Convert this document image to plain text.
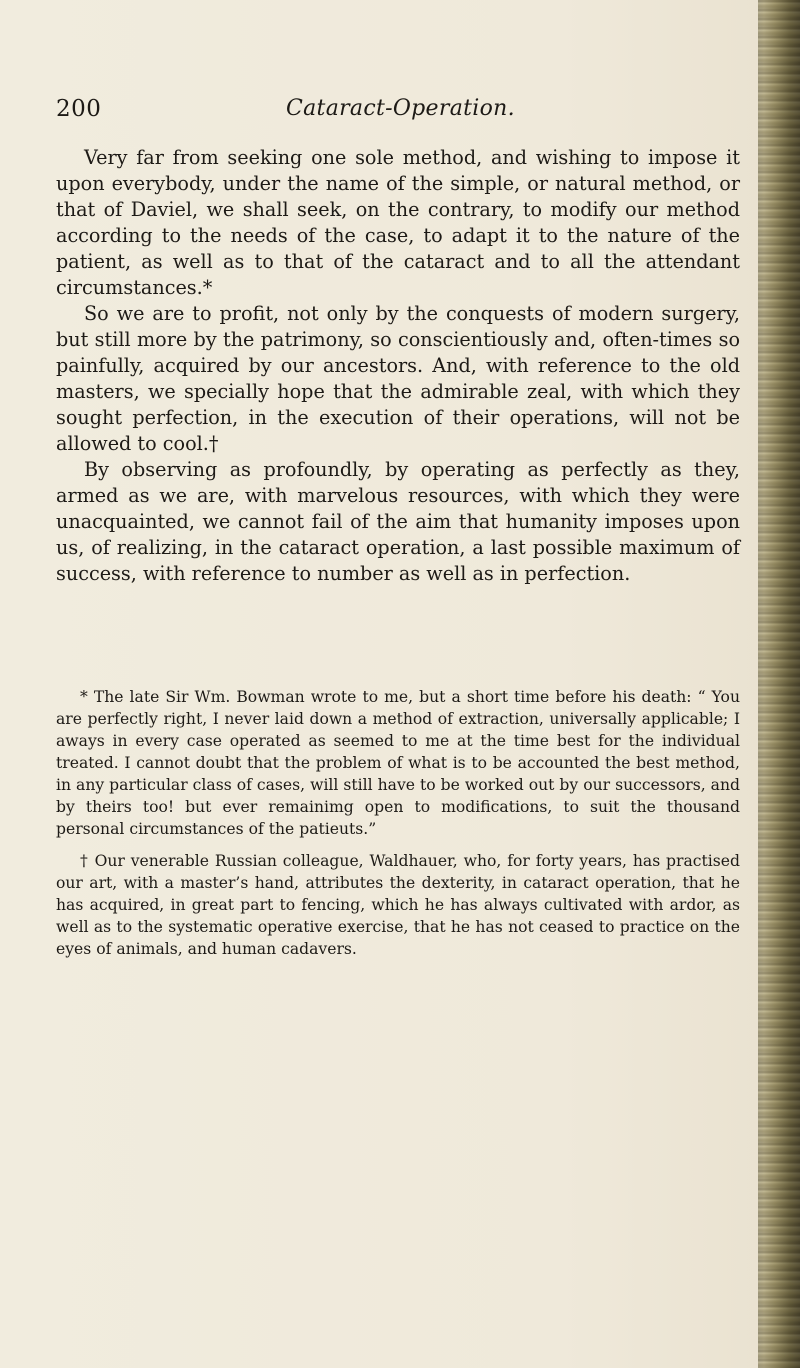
200	Cataract-Operation.

Very far from seeking one sole method, and wishing to impose it upon everybody, under the name of the simple, or natural method, or that of Daviel, we shall seek, on the contrary, to modify our method according to the needs of the case, to adapt it to the nature of the patient, as well as to that of the cataract and to all the attendant circumstances.*

So we are to profit, not only by the conquests of modern surgery, but still more by the patrimony, so conscientiously and, often-times so painfully, acquired by our ancestors. And, with reference to the old masters, we specially hope that the admirable zeal, with which they sought perfection, in the execution of their operations, will not be allowed to cool.†

By observing as profoundly, by operating as perfectly as they, armed as we are, with marvelous resources, with which they were unacquainted, we cannot fail of the aim that humanity imposes upon us, of realizing, in the cataract operation, a last possible maximum of success, with reference to number as well as in perfection.

* The late Sir Wm. Bowman wrote to me, but a short time before his death: “ You are perfectly right, I never laid down a method of extraction, universally applicable; I aways in every case operated as seemed to me at the time best for the individual treated. I cannot doubt that the problem of what is to be accounted the best method, in any particular class of cases, will still have to be worked out by our successors, and by theirs too! but ever remainimg open to modifications, to suit the thousand personal circumstances of the patieuts.”

† Our venerable Russian colleague, Waldhauer, who, for forty years, has practised our art, with a master’s hand, attributes the dexterity, in cataract operation, that he has acquired, in great part to fencing, which he has always cultivated with ardor, as well as to the systematic operative exercise, that he has not ceased to practice on the eyes of animals, and human cadavers.
